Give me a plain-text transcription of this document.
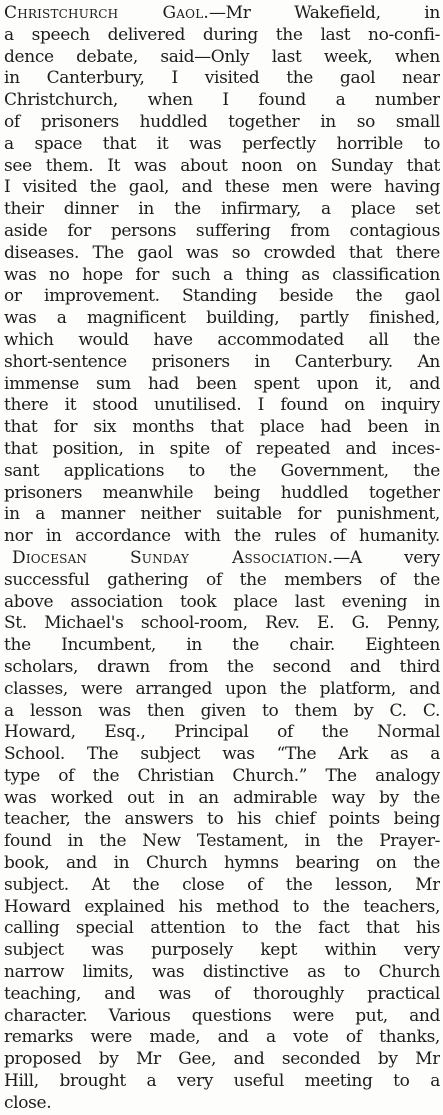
Christchurch Gaol.—Mr Wakefield, in
a speech delivered during the last no-confi-
dence debate, said—Only last week, when
in Canterbury, I visited the gaol near
Christchurch, when I found a number
of prisoners huddled together in so small
a space that it was perfectly horrible to
see them. It was about noon on Sunday that
I visited the gaol, and these men were having
their dinner in the infirmary, a place set
aside for persons suffering from contagious
diseases. The gaol was so crowded that there
was no hope for such a thing as classification
or improvement. Standing beside the gaol
was a magnificent building, partly finished,
which would have accommodated all the
short-sentence prisoners in Canterbury. An
immense sum had been spent upon it, and
there it stood unutilised. I found on inquiry
that for six months that place had been in
that position, in spite of repeated and inces-
sant applications to the Government, the
prisoners meanwhile being huddled together
in a manner neither suitable for punishment,
nor in accordance with the rules of humanity.
Diocesan Sunday Association.—A very
successful gathering of the members of the
above association took place last evening in
St. Michael's school-room, Rev. E. G. Penny,
the Incumbent, in the chair. Eighteen
scholars, drawn from the second and third
classes, were arranged upon the platform, and
a lesson was then given to them by C. C.
Howard, Esq., Principal of the Normal
School. The subject was “The Ark as a
type of the Christian Church.” The analogy
was worked out in an admirable way by the
teacher, the answers to his chief points being
found in the New Testament, in the Prayer-
book, and in Church hymns bearing on the
subject. At the close of the lesson, Mr
Howard explained his method to the teachers,
calling special attention to the fact that his
subject was purposely kept within very
narrow limits, was distinctive as to Church
teaching, and was of thoroughly practical
character. Various questions were put, and
remarks were made, and a vote of thanks,
proposed by Mr Gee, and seconded by Mr
Hill, brought a very useful meeting to a
close.
